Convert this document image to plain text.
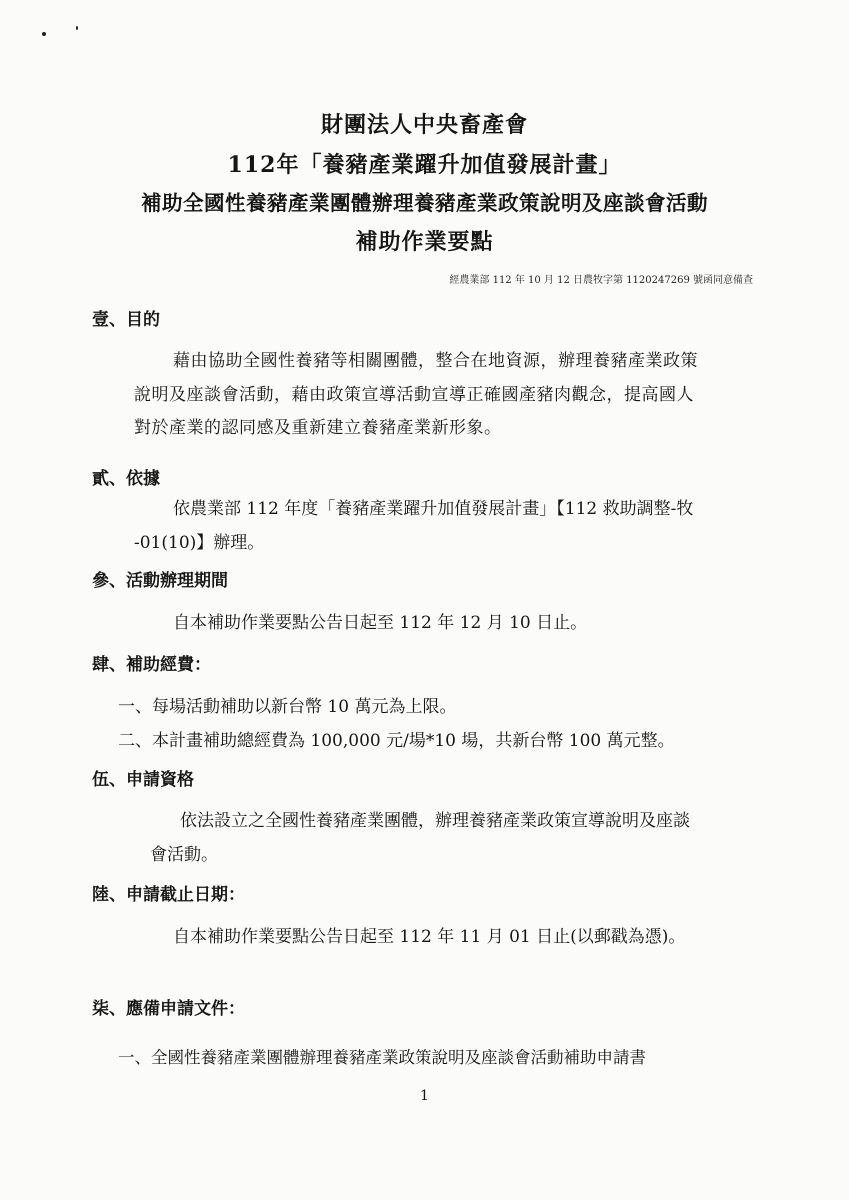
財團法人中央畜產會
112年「養豬產業躍升加值發展計畫」
補助全國性養豬產業團體辦理養豬產業政策說明及座談會活動
補助作業要點
經農業部 112 年 10 月 12 日農牧字第 1120247269 號函同意備查
壹、目的
藉由協助全國性養豬等相關團體，整合在地資源，辦理養豬產業政策
說明及座談會活動，藉由政策宣導活動宣導正確國產豬肉觀念，提高國人
對於產業的認同感及重新建立養豬產業新形象。
貳、依據
依農業部 112 年度「養豬產業躍升加值發展計畫」【112 救助調整-牧
-01(10)】辦理。
參、活動辦理期間
自本補助作業要點公告日起至 112 年 12 月 10 日止。
肆、補助經費：
一、每場活動補助以新台幣 10 萬元為上限。
二、本計畫補助總經費為 100,000 元/場*10 場，共新台幣 100 萬元整。
伍、申請資格
依法設立之全國性養豬產業團體，辦理養豬產業政策宣導說明及座談
會活動。
陸、申請截止日期：
自本補助作業要點公告日起至 112 年 11 月 01 日止(以郵戳為憑)。
柒、應備申請文件：
一、全國性養豬產業團體辦理養豬產業政策說明及座談會活動補助申請書
1
